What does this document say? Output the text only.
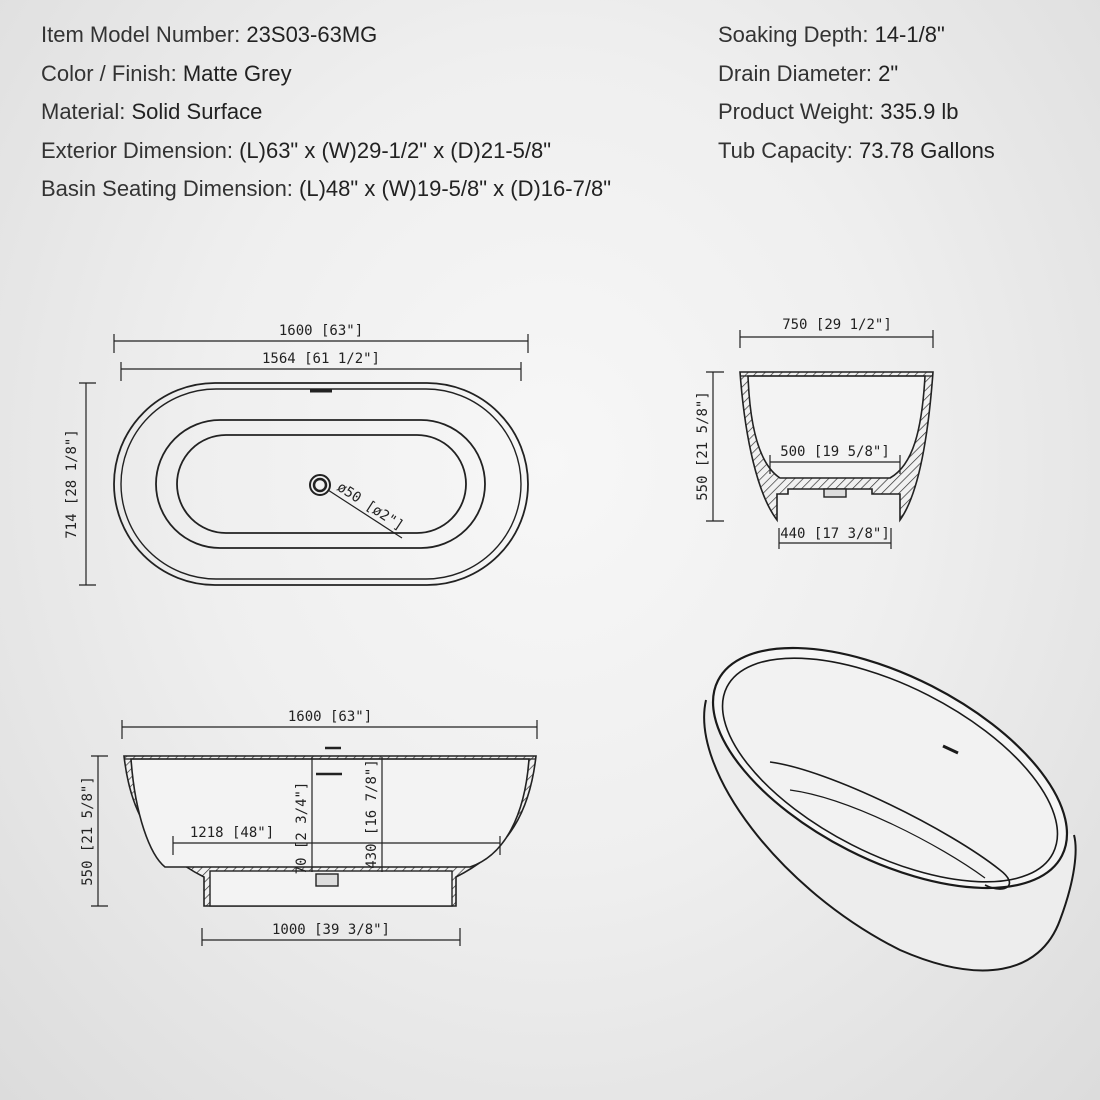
Item Model Number: 23S03-63MG
Color / Finish: Matte Grey
Material: Solid Surface
Exterior Dimension: (L)63" x (W)29-1/2" x (D)21-5/8"
Basin Seating Dimension: (L)48" x (W)19-5/8" x (D)16-7/8"
Soaking Depth: 14-1/8"
Drain Diameter: 2"
Product Weight: 335.9 lb
Tub Capacity: 73.78 Gallons
1600 [63"]
1564 [61 1/2"]
714 [28 1/8"]	ø50 [ø2"]
750 [29 1/2"]
500 [19 5/8"]
550 [21 5/8"]
440 [17 3/8"]
1600 [63"]
550 [21 5/8"]	1218 [48"] 70 [2 3/4"]	430 [16 7/8"]
1000 [39 3/8"]
